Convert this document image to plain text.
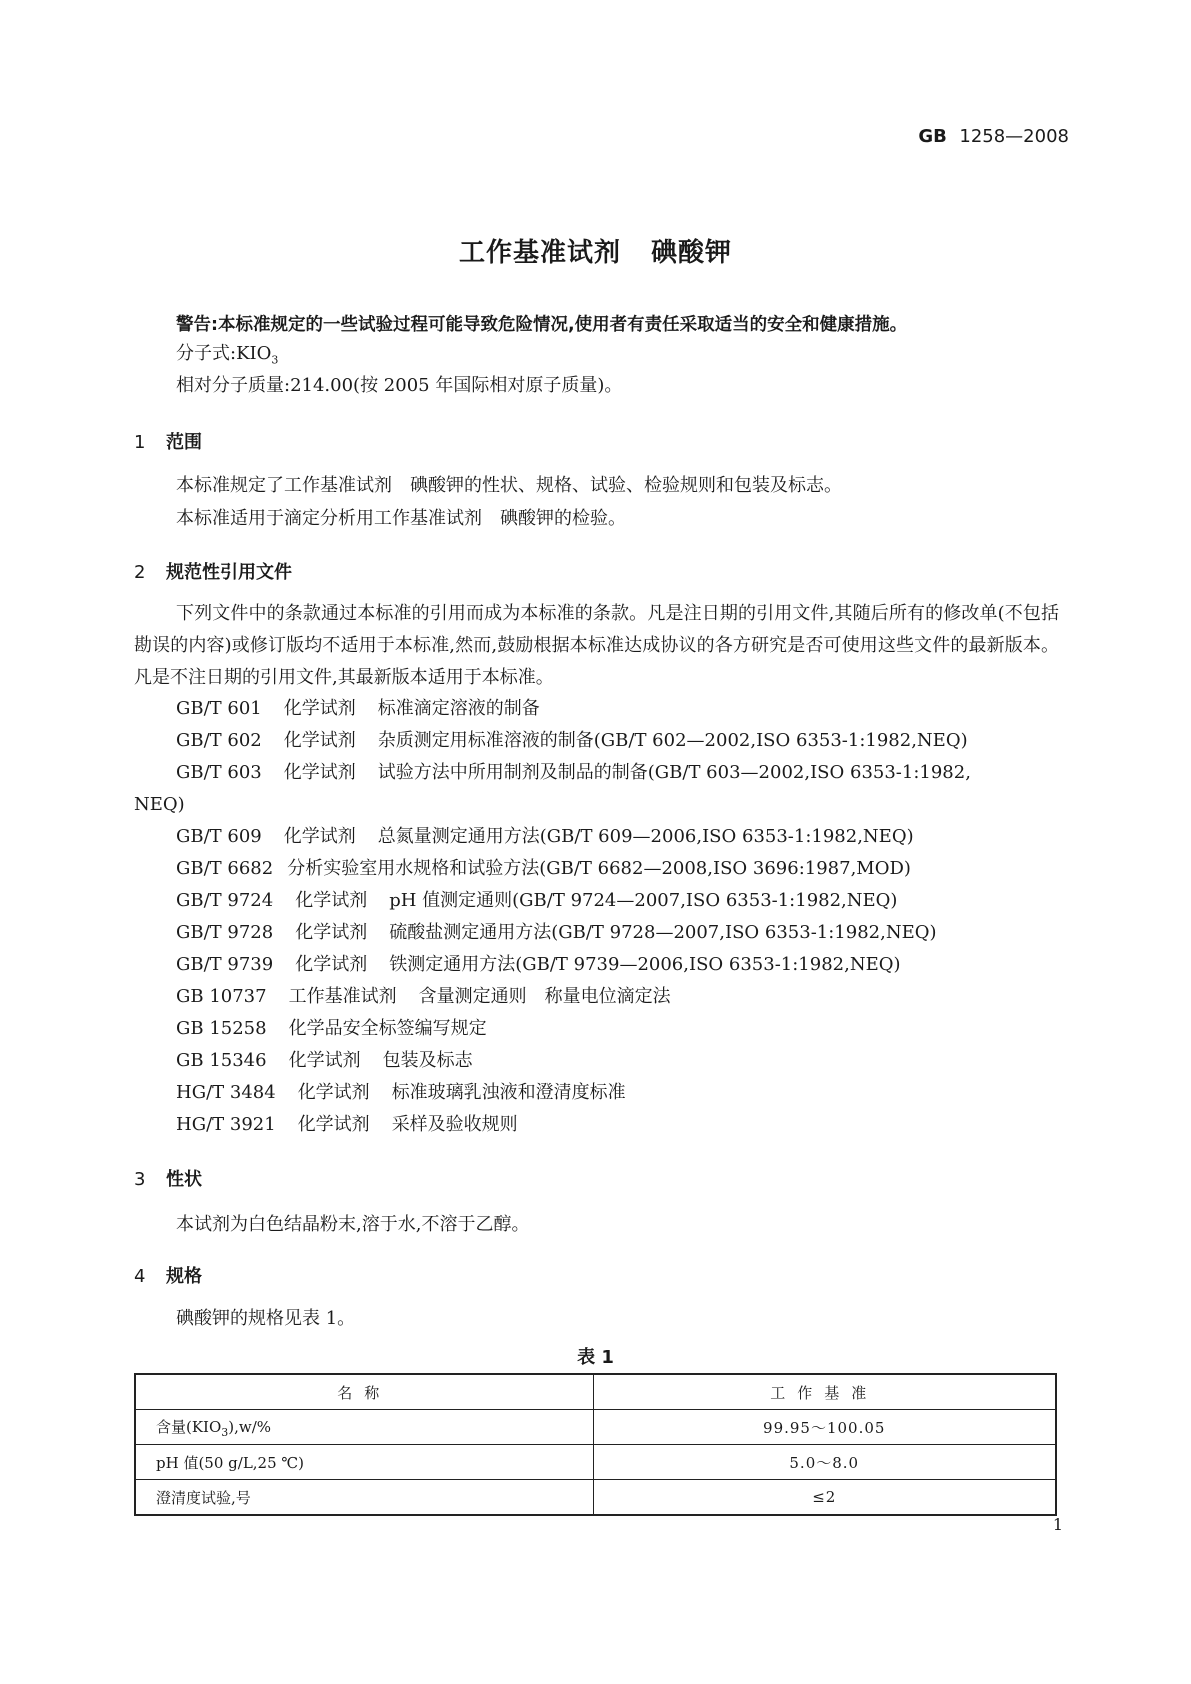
GB 1258—2008
工作基准试剂 碘酸钾
警告:本标准规定的一些试验过程可能导致危险情况,使用者有责任采取适当的安全和健康措施。
分子式$:KIO_3$
相对分子质量:214.00(按 2005 年国际相对原子质量)。
1 范围
本标准规定了工作基准试剂　碘酸钾的性状、规格、试验、检验规则和包装及标志。
本标准适用于滴定分析用工作基准试剂　碘酸钾的检验。
2 规范性引用文件
下列文件中的条款通过本标准的引用而成为本标准的条款。凡是注日期的引用文件,其随后所有的修改单(不包括勘误的内容)或修订版均不适用于本标准,然而,鼓励根据本标准达成协议的各方研究是否可使用这些文件的最新版本。凡是不注日期的引用文件,其最新版本适用于本标准。
GB/T 601 化学试剂 标准滴定溶液的制备
GB/T 602 化学试剂 杂质测定用标准溶液的制备(GB/T 602—2002,ISO 6353-1:1982,NEQ)
GB/T 603 化学试剂 试验方法中所用制剂及制品的制备(GB/T 603—2002,ISO 6353-1:1982,
NEQ)
GB/T 609 化学试剂 总氮量测定通用方法(GB/T 609—2006,ISO 6353-1:1982,NEQ)
GB/T 6682 分析实验室用水规格和试验方法(GB/T 6682—2008,ISO 3696:1987,MOD)
GB/T 9724 化学试剂 pH 值测定通则(GB/T 9724—2007,ISO 6353-1:1982,NEQ)
GB/T 9728 化学试剂 硫酸盐测定通用方法(GB/T 9728—2007,ISO 6353-1:1982,NEQ)
GB/T 9739 化学试剂 铁测定通用方法(GB/T 9739—2006,ISO 6353-1:1982,NEQ)
GB 10737 工作基准试剂 含量测定通则　称量电位滴定法
GB 15258 化学品安全标签编写规定
GB 15346 化学试剂 包装及标志
HG/T 3484 化学试剂 标准玻璃乳浊液和澄清度标准
HG/T 3921 化学试剂 采样及验收规则
3 性状
本试剂为白色结晶粉末,溶于水,不溶于乙醇。
4 规格
碘酸钾的规格见表 1。
表 1
名称	工作基准
含量$(KIO_3),w/\%$	99.95～100.05
pH 值(50 g/L,25 ℃)	5.0～8.0
澄清度试验,号	≤2
1
